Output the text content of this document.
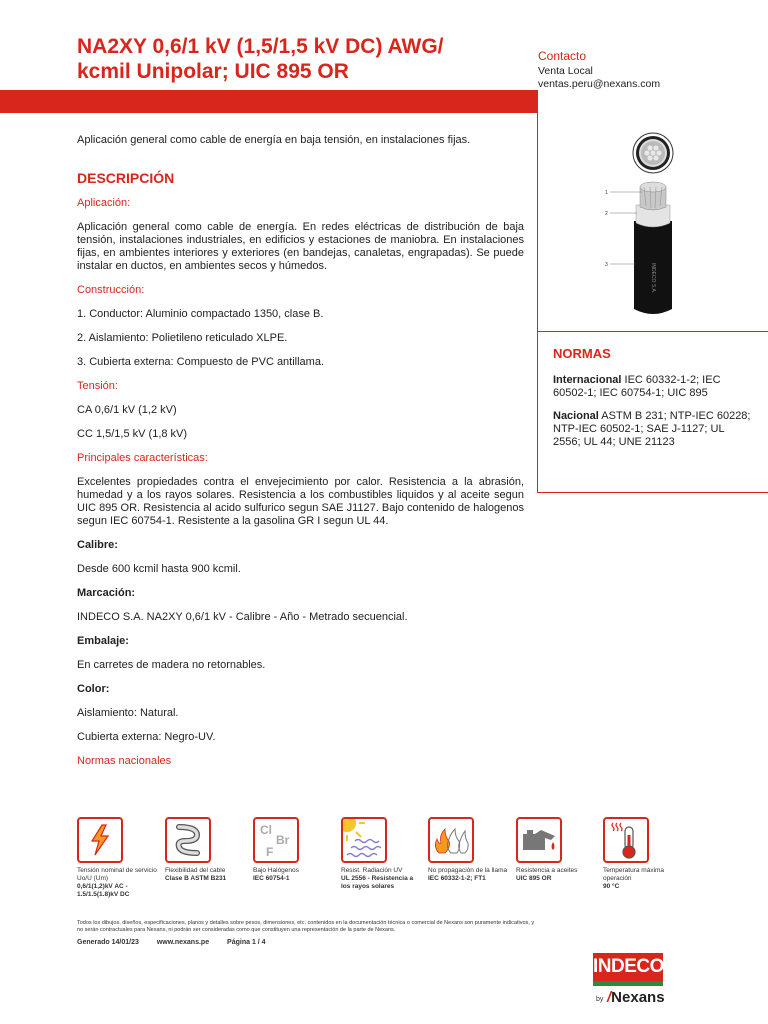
NA2XY 0,6/1 kV (1,5/1,5 kV DC) AWG/
kcmil Unipolar; UIC 895 OR
Contacto
Venta Local
ventas.peru@nexans.com
INDECO S.A.
1
2
3
NORMAS

Internacional IEC 60332-1-2; IEC 60502-1; IEC 60754-1; UIC 895

Nacional ASTM B 231; NTP-IEC 60228; NTP-IEC 60502-1; SAE J-1127; UL 2556; UL 44; UNE 21123

Aplicación general como cable de energía en baja tensión, en instalaciones fijas.
DESCRIPCIÓN
Aplicación:
Aplicación general como cable de energía. En redes eléctricas de distribución de baja tensión, instalaciones industriales, en edificios y estaciones de maniobra. En instalaciones fijas, en ambientes interiores y exteriores (en bandejas, canaletas, engrapadas). Se puede instalar en ductos, en ambientes secos y húmedos.
Construcción:
1. Conductor: Aluminio compactado 1350, clase B.
2. Aislamiento: Polietileno reticulado XLPE.
3. Cubierta externa: Compuesto de PVC antillama.
Tensión:
CA 0,6/1 kV (1,2 kV)
CC 1,5/1,5 kV (1,8 kV)
Principales características:
Excelentes propiedades contra el envejecimiento por calor. Resistencia a la abrasión, humedad y a los rayos solares. Resistencia a los combustibles liquidos y al aceite segun UIC 895 OR. Resistencia al acido sulfurico segun SAE J1127. Bajo contenido de halogenos segun IEC 60754-1. Resistente a la gasolina GR I segun UL 44.
Calibre:
Desde 600 kcmil hasta 900 kcmil.
Marcación:
INDECO S.A. NA2XY 0,6/1 kV - Calibre - Año - Metrado secuencial.
Embalaje:
En carretes de madera no retornables.
Color:
Aislamiento: Natural.
Cubierta externa: Negro-UV.
Normas nacionales
Tensión nominal de servicio Uo/U (Um)
0,6/1(1,2)kV AC - 1.5/1.5(1.8)kV DC
Flexibilidad del cable
Clase B ASTM B231
Cl
Br
F
Bajo Halógenos
IEC 60754-1
Resist. Radiación UV
UL 2556 - Resistencia a los rayos solares
No propagación de la llama
IEC 60332-1-2; FT1
Resistencia a aceites
UIC 895 OR
Temperatura máxima operación
90 °C
Todos los dibujos, diseños, especificaciones, planos y detalles sobre pesos, dimensiones, etc. contenidos en la documentación técnica o comercial de Nexans son puramente indicativos, y no serán contractuales para Nexans, ni podrán ser consideradas como que constituyen una representación de la parte de Nexans.
Generado 14/01/23	www.nexans.pe	Página 1 / 4
INDECO
by /Nexans
